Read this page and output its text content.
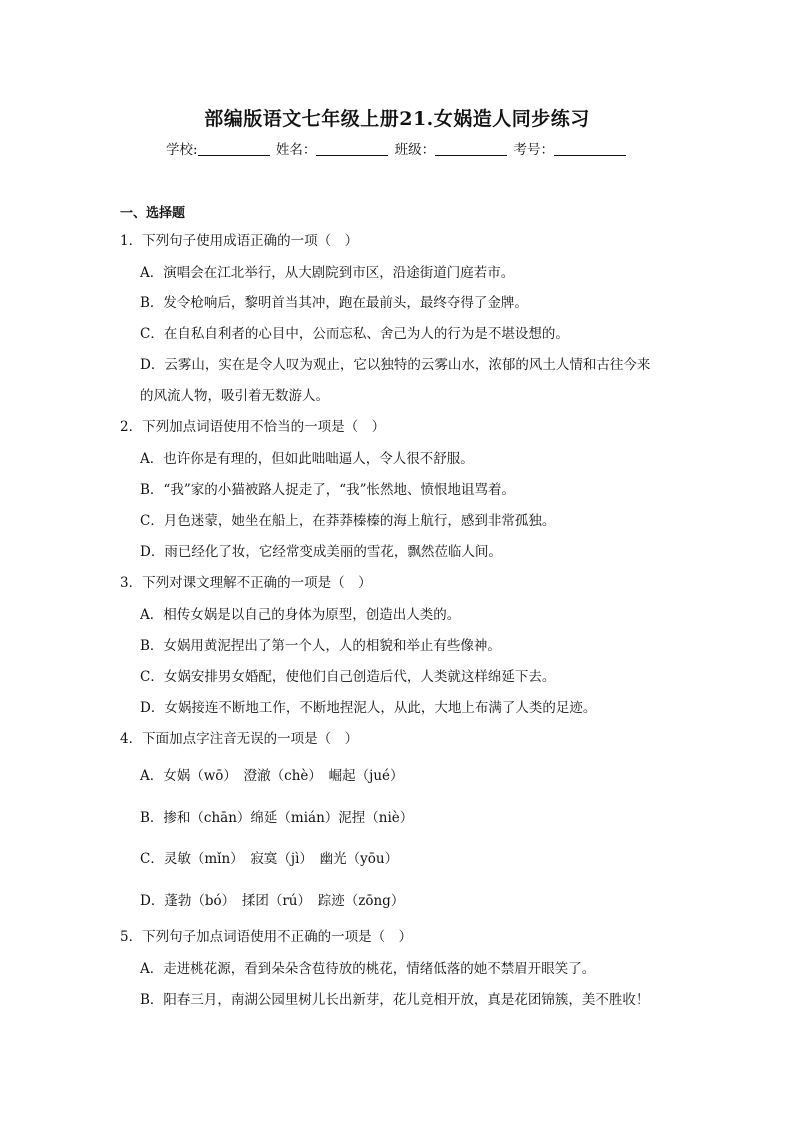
部编版语文七年级上册21.女娲造人同步练习
学校:	姓名：	班级：	考号：
一、选择题
1．下列句子使用成语正确的一项（　）
A．演唱会在江北举行，从大剧院到市区，沿途街道门庭若市。
B．发令枪响后，黎明首当其冲，跑在最前头，最终夺得了金牌。
C．在自私自利者的心目中，公而忘私、舍己为人的行为是不堪设想的。
D．云雾山，实在是令人叹为观止，它以独特的云雾山水，浓郁的风土人情和古往今来
的风流人物，吸引着无数游人。
2．下列加点词语使用不恰当的一项是（　）
A．也许你是有理的，但如此咄咄逼人，令人很不舒服。
B．“我”家的小猫被路人捉走了，“我”怅然地、愤恨地诅骂着。
C．月色迷蒙，她坐在船上，在莽莽榛榛的海上航行，感到非常孤独。
D．雨已经化了妆，它经常变成美丽的雪花，飘然莅临人间。
3．下列对课文理解不正确的一项是（　）
A．相传女娲是以自己的身体为原型，创造出人类的。
B．女娲用黄泥捏出了第一个人，人的相貌和举止有些像神。
C．女娲安排男女婚配，使他们自己创造后代，人类就这样绵延下去。
D．女娲接连不断地工作，不断地捏泥人，从此，大地上布满了人类的足迹。
4．下面加点字注音无误的一项是（　）
A．女娲（wō）　澄澈（chè）　崛起（jué）
B．掺和（chān）绵延（mián）泥捏（niè）
C．灵敏（mǐn）　寂寞（jì）　幽光（yōu）
D．蓬勃（bó）　揉团（rú）　踪迹（zōng）
5．下列句子加点词语使用不正确的一项是（　）
A．走进桃花源，看到朵朵含苞待放的桃花，情绪低落的她不禁眉开眼笑了。
B．阳春三月，南湖公园里树儿长出新芽，花儿竞相开放，真是花团锦簇，美不胜收！
